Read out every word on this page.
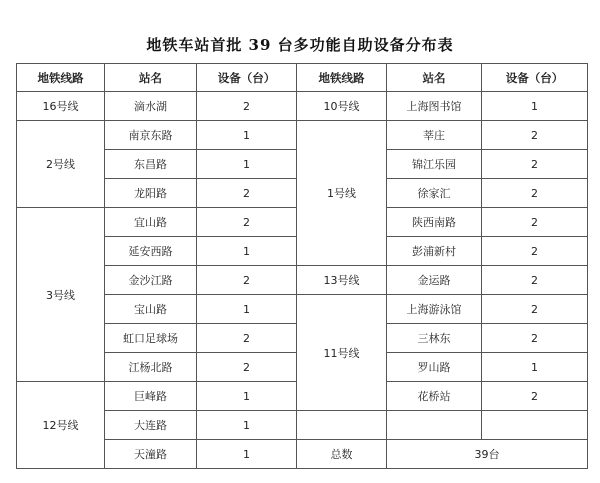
地铁车站首批 39 台多功能自助设备分布表
地铁线路	站名	设备（台）	地铁线路	站名	设备（台）
16号线	滴水湖	2	10号线	上海图书馆	1
2号线	南京东路	1	1号线	莘庄	2
	东昌路	1		锦江乐园	2
	龙阳路	2		徐家汇	2
3号线	宜山路	2		陕西南路	2
	延安西路	1		彭浦新村	2
	金沙江路	2	13号线	金运路	2
	宝山路	1	11号线	上海游泳馆	2
	虹口足球场	2		三林东	2
	江杨北路	2		罗山路	1
12号线	巨峰路	1		花桥站	2
	大连路	1			
	天潼路	1	总数	39台	
